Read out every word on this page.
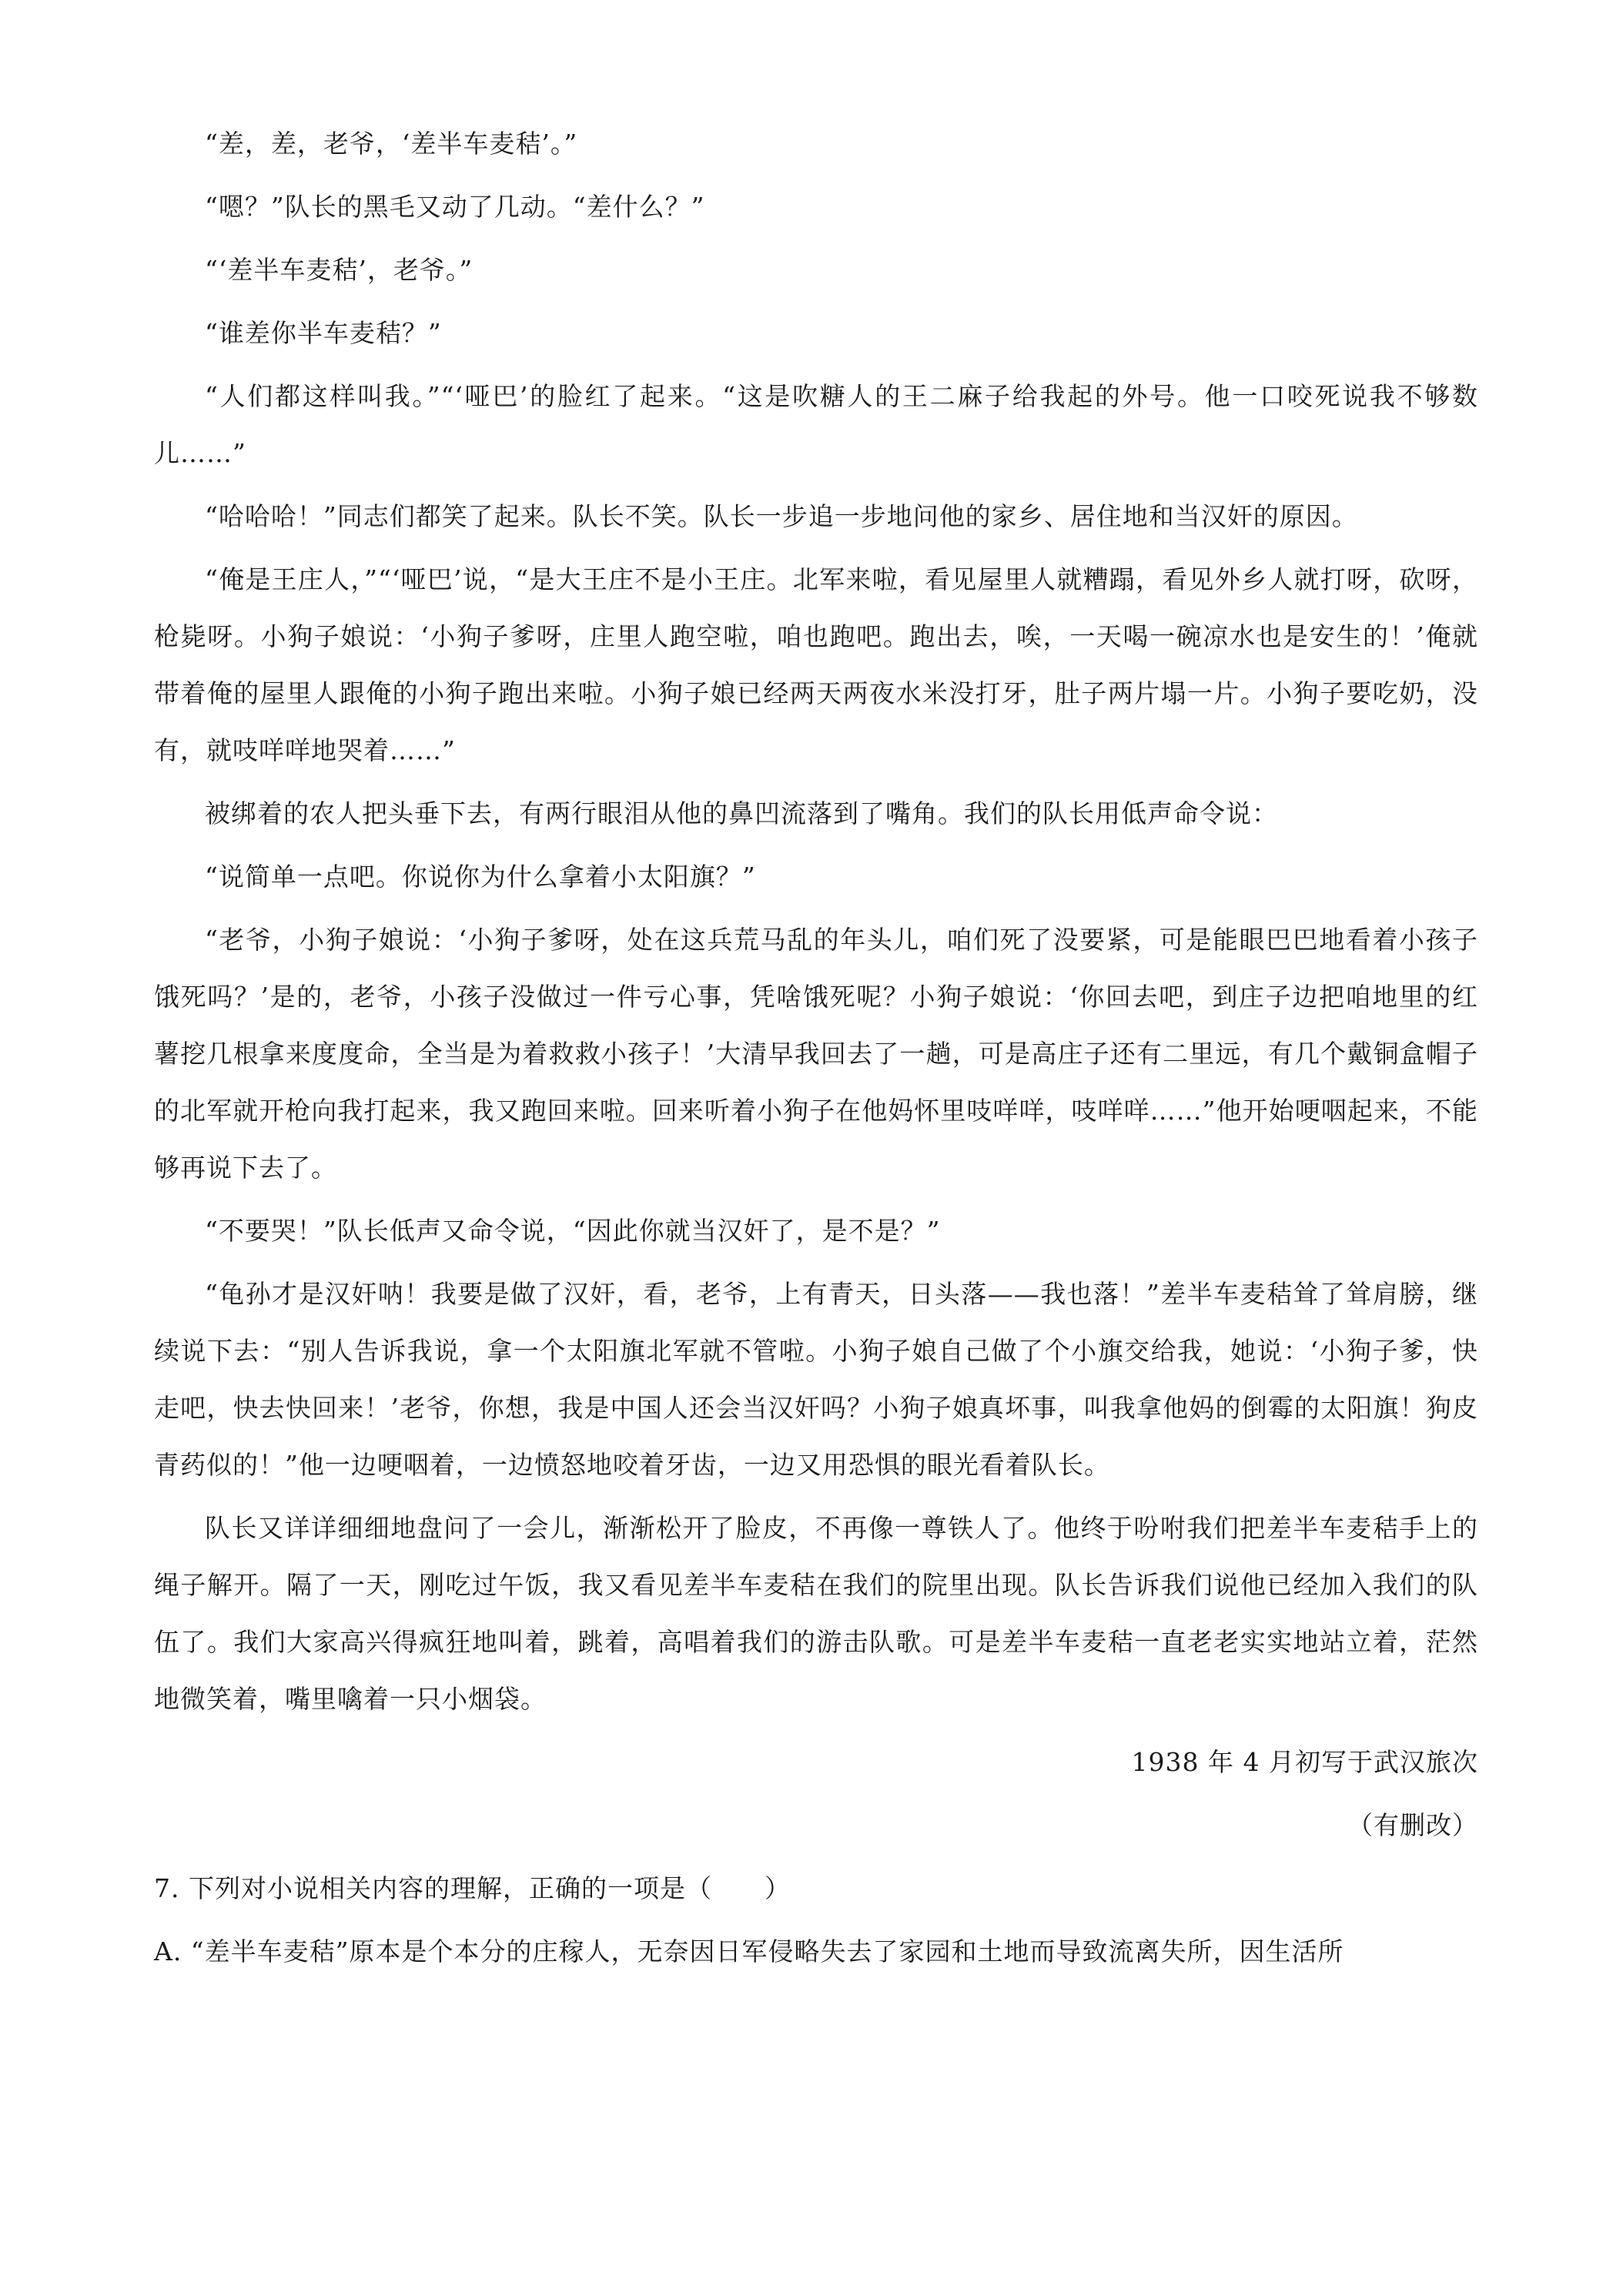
“差，差，老爷，‘差半车麦秸’。”

“嗯？”队长的黑毛又动了几动。“差什么？”

“‘差半车麦秸’，老爷。”

“谁差你半车麦秸？”

“人们都这样叫我。”“‘哑巴’的脸红了起来。“这是吹糖人的王二麻子给我起的外号。他一口咬死说我不够数儿……”

“哈哈哈！”同志们都笑了起来。队长不笑。队长一步追一步地问他的家乡、居住地和当汉奸的原因。

“俺是王庄人，”“‘哑巴’说，“是大王庄不是小王庄。北军来啦，看见屋里人就糟蹋，看见外乡人就打呀，砍呀，枪毙呀。小狗子娘说：‘小狗子爹呀，庄里人跑空啦，咱也跑吧。跑出去，唉，一天喝一碗凉水也是安生的！’俺就带着俺的屋里人跟俺的小狗子跑出来啦。小狗子娘已经两天两夜水米没打牙，肚子两片塌一片。小狗子要吃奶，没有，就吱咩咩地哭着……”

被绑着的农人把头垂下去，有两行眼泪从他的鼻凹流落到了嘴角。我们的队长用低声命令说：

“说简单一点吧。你说你为什么拿着小太阳旗？”

“老爷，小狗子娘说：‘小狗子爹呀，处在这兵荒马乱的年头儿，咱们死了没要紧，可是能眼巴巴地看着小孩子饿死吗？’是的，老爷，小孩子没做过一件亏心事，凭啥饿死呢？小狗子娘说：‘你回去吧，到庄子边把咱地里的红薯挖几根拿来度度命，全当是为着救救小孩子！’大清早我回去了一趟，可是高庄子还有二里远，有几个戴铜盒帽子的北军就开枪向我打起来，我又跑回来啦。回来听着小狗子在他妈怀里吱咩咩，吱咩咩……”他开始哽咽起来，不能够再说下去了。

“不要哭！”队长低声又命令说，“因此你就当汉奸了，是不是？”

“龟孙才是汉奸呐！我要是做了汉奸，看，老爷，上有青天，日头落——我也落！”差半车麦秸耸了耸肩膀，继续说下去：“别人告诉我说，拿一个太阳旗北军就不管啦。小狗子娘自己做了个小旗交给我，她说：‘小狗子爹，快走吧，快去快回来！’老爷，你想，我是中国人还会当汉奸吗？小狗子娘真坏事，叫我拿他妈的倒霉的太阳旗！狗皮青药似的！”他一边哽咽着，一边愤怒地咬着牙齿，一边又用恐惧的眼光看着队长。

队长又详详细细地盘问了一会儿，渐渐松开了脸皮，不再像一尊铁人了。他终于吩咐我们把差半车麦秸手上的绳子解开。隔了一天，刚吃过午饭，我又看见差半车麦秸在我们的院里出现。队长告诉我们说他已经加入我们的队伍了。我们大家高兴得疯狂地叫着，跳着，高唱着我们的游击队歌。可是差半车麦秸一直老老实实地站立着，茫然地微笑着，嘴里噙着一只小烟袋。

1938 年 4 月初写于武汉旅次

（有删改）

7. 下列对小说相关内容的理解，正确的一项是（　　）

A. “差半车麦秸”原本是个本分的庄稼人，无奈因日军侵略失去了家园和土地而导致流离失所，因生活所
